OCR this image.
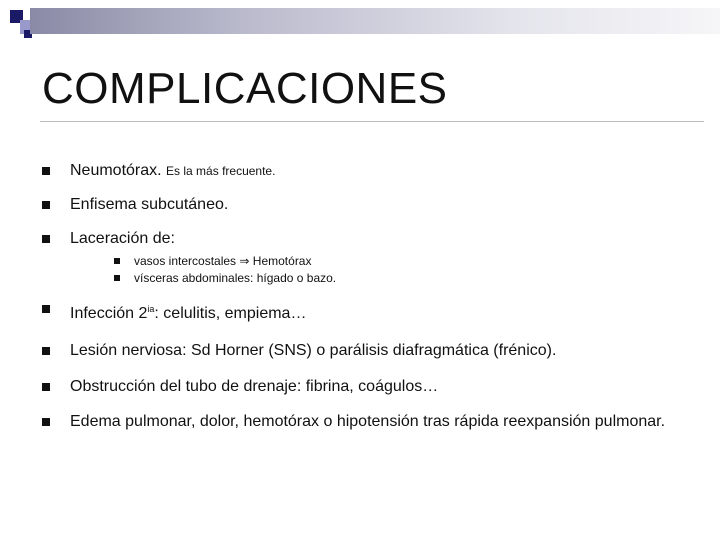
COMPLICACIONES
Neumotórax. Es la más frecuente.
Enfisema subcutáneo.
Laceración de:
vasos intercostales ⇒ Hemotórax
vísceras abdominales: hígado o bazo.
Infección $2^{ia}$: celulitis, empiema…
Lesión nerviosa: Sd Horner (SNS) o parálisis diafragmática (frénico).
Obstrucción del tubo de drenaje: fibrina, coágulos…
Edema pulmonar, dolor, hemotórax o hipotensión tras rápida reexpansión pulmonar.
